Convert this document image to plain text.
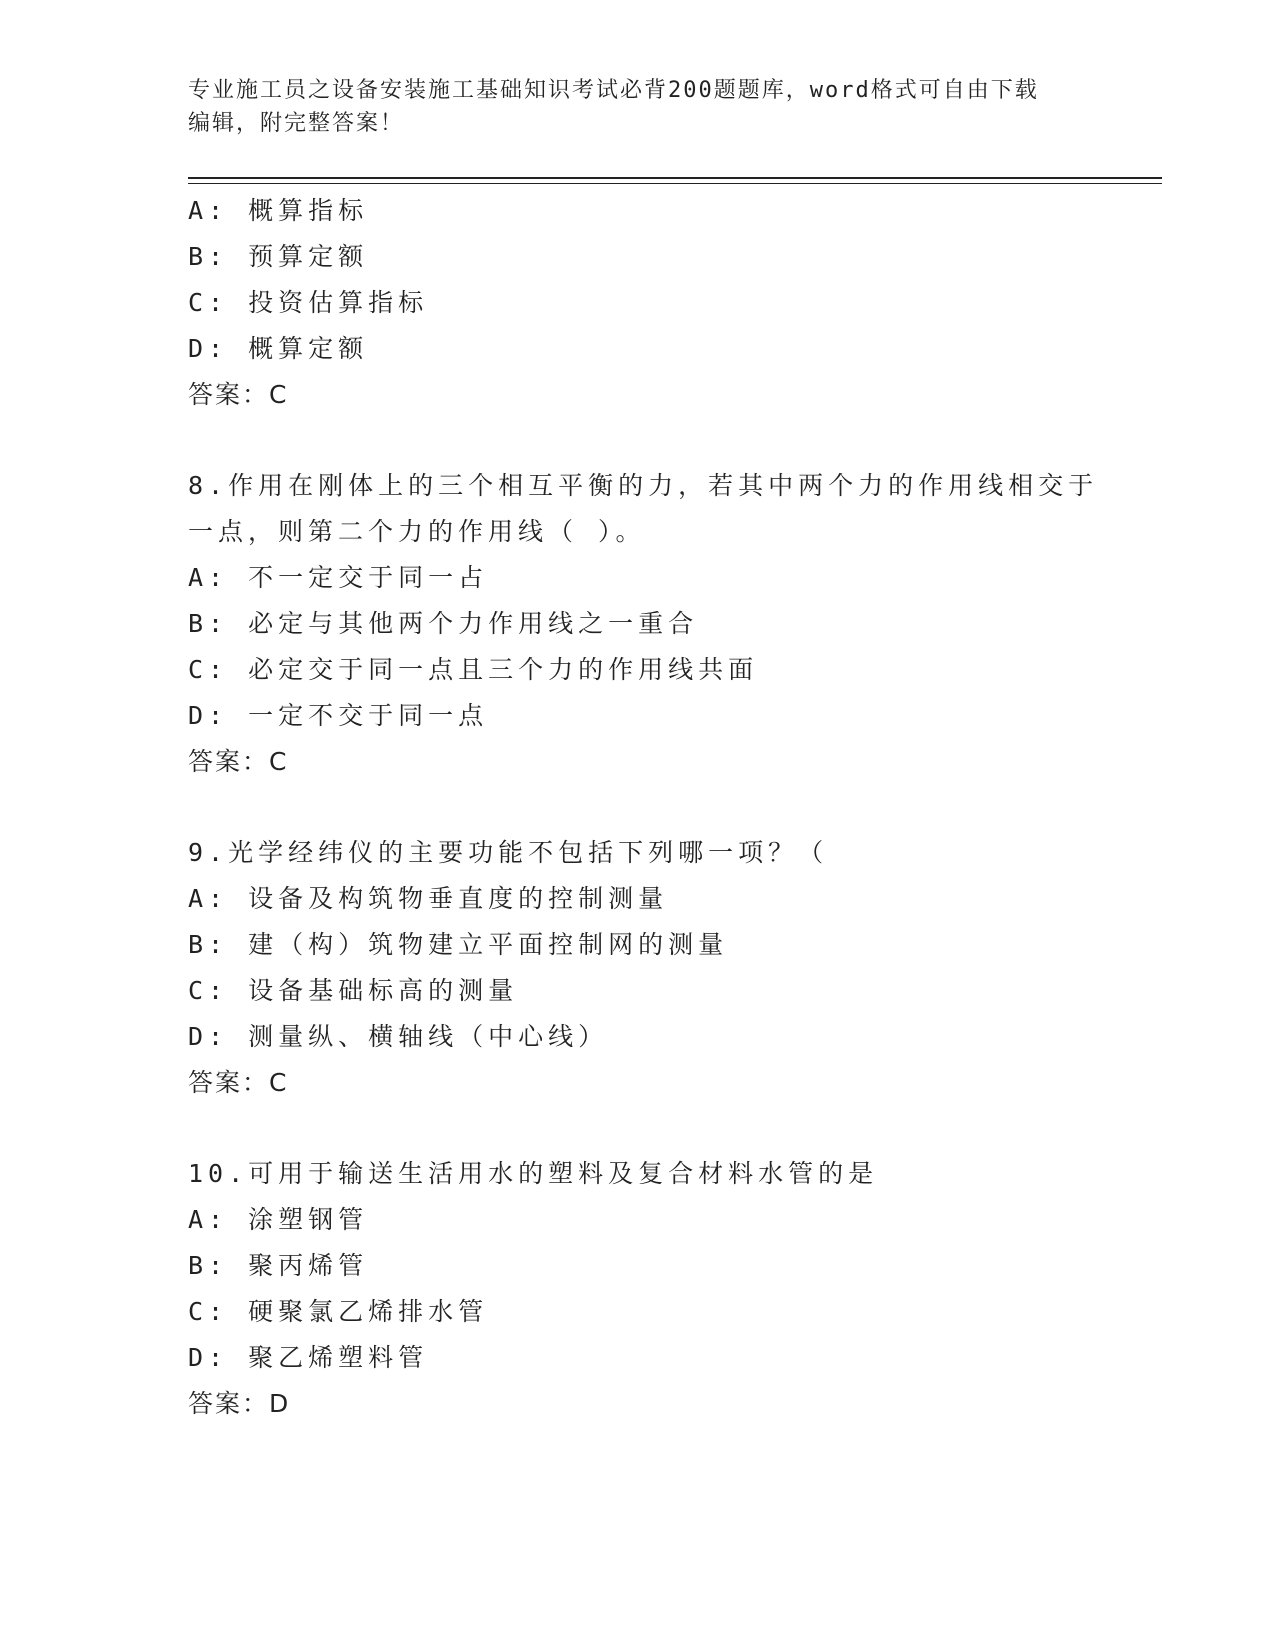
专业施工员之设备安装施工基础知识考试必背200题题库，word格式可自由下载
编辑，附完整答案！
A: 概算指标
B: 预算定额
C: 投资估算指标
D: 概算定额
答案：C
8.作用在刚体上的三个相互平衡的力，若其中两个力的作用线相交于
一点，则第二个力的作用线（ ）。
A: 不一定交于同一占
B: 必定与其他两个力作用线之一重合
C: 必定交于同一点且三个力的作用线共面
D: 一定不交于同一点
答案：C
9.光学经纬仪的主要功能不包括下列哪一项？（
A: 设备及构筑物垂直度的控制测量
B: 建（构）筑物建立平面控制网的测量
C: 设备基础标高的测量
D: 测量纵、横轴线（中心线）
答案：C
10.可用于输送生活用水的塑料及复合材料水管的是
A: 涂塑钢管
B: 聚丙烯管
C: 硬聚氯乙烯排水管
D: 聚乙烯塑料管
答案：D
